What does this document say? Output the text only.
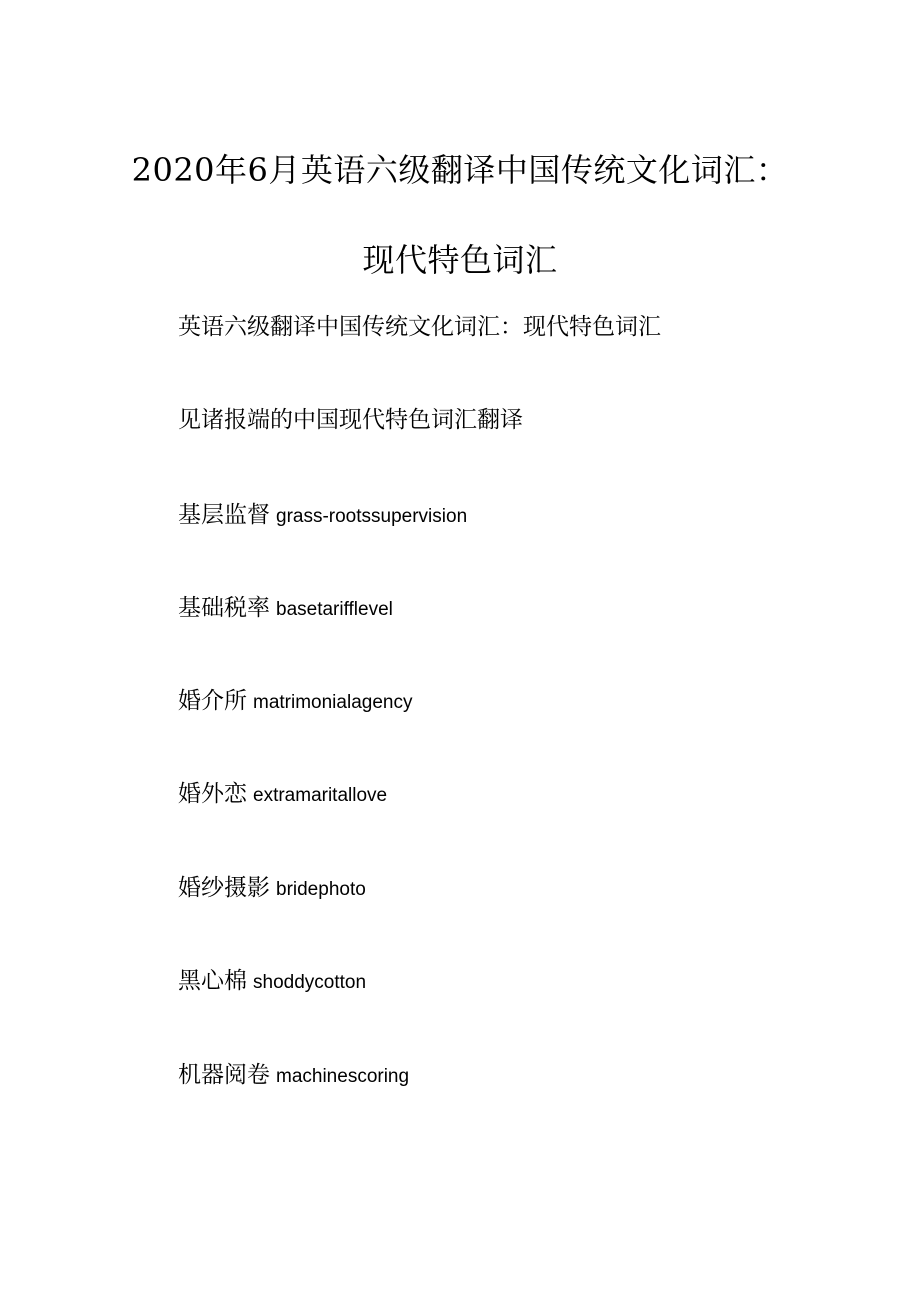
2020年6月英语六级翻译中国传统文化词汇：
现代特色词汇
英语六级翻译中国传统文化词汇：现代特色词汇
见诸报端的中国现代特色词汇翻译
基层监督 grass-rootssupervision
基础税率 basetarifflevel
婚介所 matrimonialagency
婚外恋 extramaritallove
婚纱摄影 bridephoto
黑心棉 shoddycotton
机器阅卷 machinescoring
